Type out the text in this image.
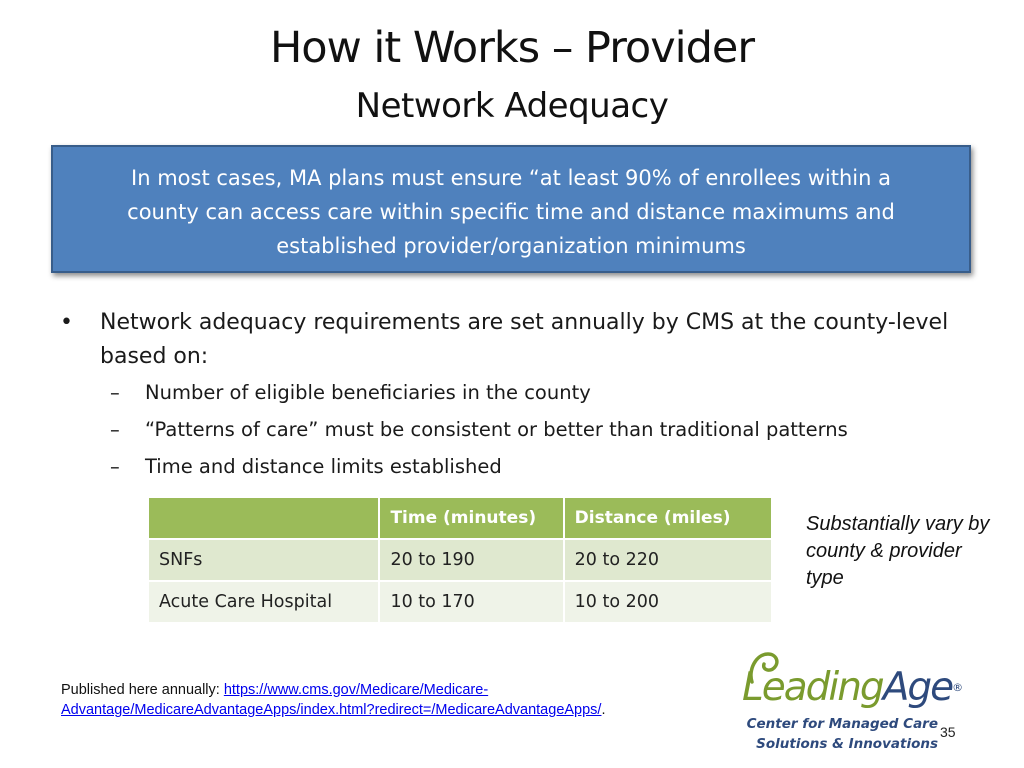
How it Works – Provider
Network Adequacy
In most cases, MA plans must ensure “at least 90% of enrollees within a county can access care within specific time and distance maximums and established provider/organization minimums
• Network adequacy requirements are set annually by CMS at the county-level based on:
– Number of eligible beneficiaries in the county
– “Patterns of care” must be consistent or better than traditional patterns
– Time and distance limits established
	Time (minutes)	Distance (miles)
SNFs	20 to 190	20 to 220
Acute Care Hospital	10 to 170	10 to 200
Substantially vary by county & provider type
Published here annually: https://www.cms.gov/Medicare/Medicare-Advantage/MedicareAdvantageApps/index.html?redirect=/MedicareAdvantageApps/.	LeadingAge®
Center for Managed Care
Solutions & Innovations
35
